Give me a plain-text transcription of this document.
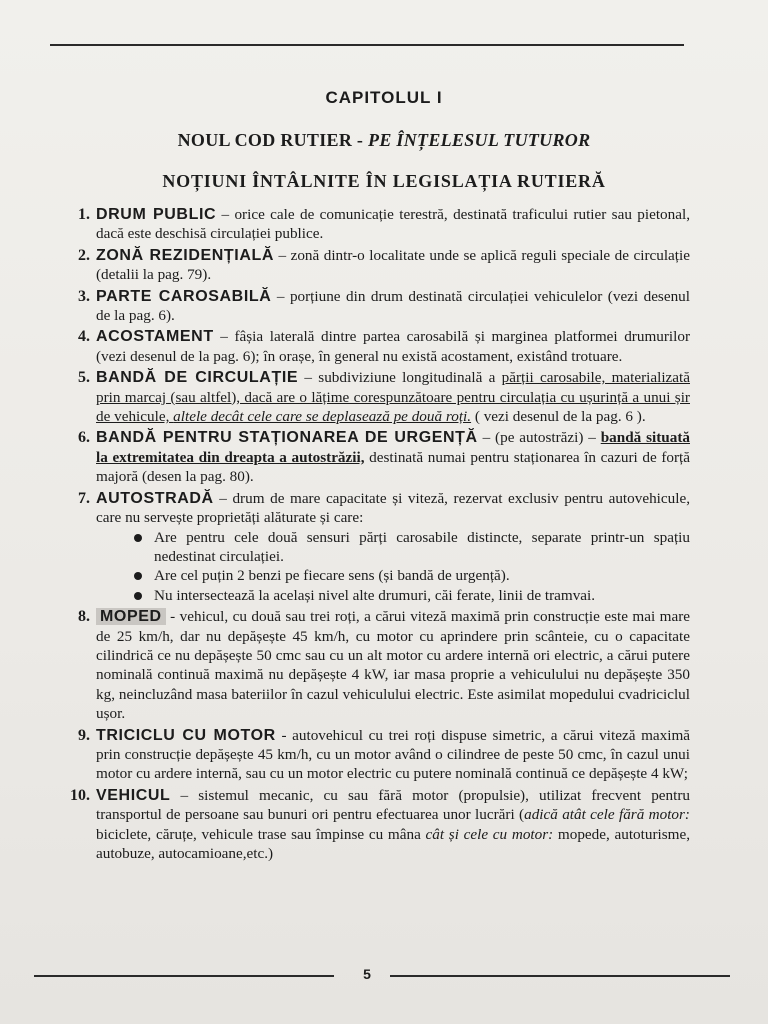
CAPITOLUL I

NOUL COD RUTIER - PE ÎNȚELESUL TUTUROR

NOȚIUNI ÎNTÂLNITE ÎN LEGISLAȚIA RUTIERĂ

1. DRUM PUBLIC – orice cale de comunicație terestră, destinată traficului rutier sau pietonal, dacă este deschisă circulației publice.
2. ZONĂ REZIDENȚIALĂ – zonă dintr-o localitate unde se aplică reguli speciale de circulație (detalii la pag. 79).
3. PARTE CAROSABILĂ – porțiune din drum destinată circulației vehiculelor (vezi desenul de la pag. 6).
4. ACOSTAMENT – fâșia laterală dintre partea carosabilă și marginea platformei drumurilor (vezi desenul de la pag. 6); în orașe, în general nu există acostament, existând trotuare.
5. BANDĂ DE CIRCULAȚIE – subdiviziune longitudinală a părții carosabile, materializată prin marcaj (sau altfel), dacă are o lățime corespunzătoare pentru circulația cu ușurință a unui șir de vehicule, altele decât cele care se deplasează pe două roți. ( vezi desenul de la pag. 6 ).
6. BANDĂ PENTRU STAȚIONAREA DE URGENȚĂ – (pe autostrăzi) – bandă situată la extremitatea din dreapta a autostrăzii, destinată numai pentru staționarea în cazuri de forță majoră (desen la pag. 80).
7. AUTOSTRADĂ – drum de mare capacitate și viteză, rezervat exclusiv pentru autovehicule, care nu servește proprietăți alăturate și care:
Are pentru cele două sensuri părți carosabile distincte, separate printr-un spațiu nedestinat circulației.
Are cel puțin 2 benzi pe fiecare sens (și bandă de urgență).
Nu intersectează la același nivel alte drumuri, căi ferate, linii de tramvai.
8. MOPED - vehicul, cu două sau trei roți, a cărui viteză maximă prin construcție este mai mare de 25 km/h, dar nu depășește 45 km/h, cu motor cu aprindere prin scânteie, cu o capacitate cilindrică ce nu depășește 50 cmc sau cu un alt motor cu ardere internă ori electric, a cărui putere nominală continuă maximă nu depășește 4 kW, iar masa proprie a vehiculului nu depășește 350 kg, neincluzând masa bateriilor în cazul vehiculului electric. Este asimilat mopedului cvadriciclul ușor.
9. TRICICLU CU MOTOR - autovehicul cu trei roți dispuse simetric, a cărui viteză maximă prin construcție depășește 45 km/h, cu un motor având o cilindree de peste 50 cmc, în cazul unui motor cu ardere internă, sau cu un motor electric cu putere nominală continuă ce depășește 4 kW;
10. VEHICUL – sistemul mecanic, cu sau fără motor (propulsie), utilizat frecvent pentru transportul de persoane sau bunuri ori pentru efectuarea unor lucrări (adică atât cele fără motor: biciclete, căruțe, vehicule trase sau împinse cu mâna cât și cele cu motor: mopede, autoturisme, autobuze, autocamioane,etc.)
5
